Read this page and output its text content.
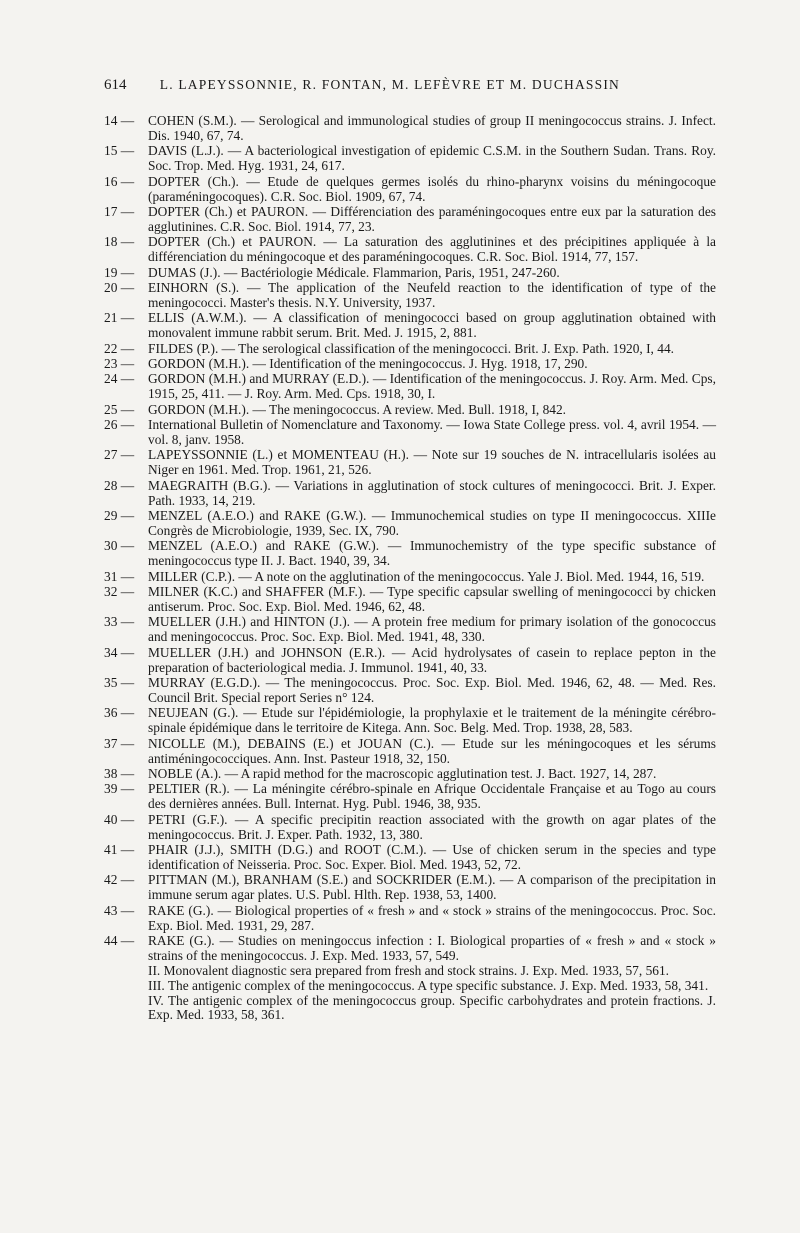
614 L. LAPEYSSONNIE, R. FONTAN, M. LEFÈVRE ET M. DUCHASSIN
14 —	COHEN (S.M.). — Serological and immunological studies of group II meningococcus strains. J. Infect. Dis. 1940, 67, 74.
15 —	DAVIS (L.J.). — A bacteriological investigation of epidemic C.S.M. in the Southern Sudan. Trans. Roy. Soc. Trop. Med. Hyg. 1931, 24, 617.
16 —	DOPTER (Ch.). — Etude de quelques germes isolés du rhino-pharynx voisins du méningocoque (paraméningocoques). C.R. Soc. Biol. 1909, 67, 74.
17 —	DOPTER (Ch.) et PAURON. — Différenciation des paraméningocoques entre eux par la saturation des agglutinines. C.R. Soc. Biol. 1914, 77, 23.
18 —	DOPTER (Ch.) et PAURON. — La saturation des agglutinines et des précipitines appliquée à la différenciation du méningocoque et des paraméningocoques. C.R. Soc. Biol. 1914, 77, 157.
19 —	DUMAS (J.). — Bactériologie Médicale. Flammarion, Paris, 1951, 247-260.
20 —	EINHORN (S.). — The application of the Neufeld reaction to the identification of type of the meningococci. Master's thesis. N.Y. University, 1937.
21 —	ELLIS (A.W.M.). — A classification of meningococci based on group agglutination obtained with monovalent immune rabbit serum. Brit. Med. J. 1915, 2, 881.
22 —	FILDES (P.). — The serological classification of the meningococci. Brit. J. Exp. Path. 1920, I, 44.
23 —	GORDON (M.H.). — Identification of the meningococcus. J. Hyg. 1918, 17, 290.
24 —	GORDON (M.H.) and MURRAY (E.D.). — Identification of the meningococcus. J. Roy. Arm. Med. Cps, 1915, 25, 411. — J. Roy. Arm. Med. Cps. 1918, 30, I.
25 —	GORDON (M.H.). — The meningococcus. A review. Med. Bull. 1918, I, 842.
26 —	International Bulletin of Nomenclature and Taxonomy. — Iowa State College press. vol. 4, avril 1954. — vol. 8, janv. 1958.
27 —	LAPEYSSONNIE (L.) et MOMENTEAU (H.). — Note sur 19 souches de N. intracellularis isolées au Niger en 1961. Med. Trop. 1961, 21, 526.
28 —	MAEGRAITH (B.G.). — Variations in agglutination of stock cultures of meningococci. Brit. J. Exper. Path. 1933, 14, 219.
29 —	MENZEL (A.E.O.) and RAKE (G.W.). — Immunochemical studies on type II meningococcus. XIIIe Congrès de Microbiologie, 1939, Sec. IX, 790.
30 —	MENZEL (A.E.O.) and RAKE (G.W.). — Immunochemistry of the type specific substance of meningococcus type II. J. Bact. 1940, 39, 34.
31 —	MILLER (C.P.). — A note on the agglutination of the meningococcus. Yale J. Biol. Med. 1944, 16, 519.
32 —	MILNER (K.C.) and SHAFFER (M.F.). — Type specific capsular swelling of meningococci by chicken antiserum. Proc. Soc. Exp. Biol. Med. 1946, 62, 48.
33 —	MUELLER (J.H.) and HINTON (J.). — A protein free medium for primary isolation of the gonococcus and meningococcus. Proc. Soc. Exp. Biol. Med. 1941, 48, 330.
34 —	MUELLER (J.H.) and JOHNSON (E.R.). — Acid hydrolysates of casein to replace pepton in the preparation of bacteriological media. J. Immunol. 1941, 40, 33.
35 —	MURRAY (E.G.D.). — The meningococcus. Proc. Soc. Exp. Biol. Med. 1946, 62, 48. — Med. Res. Council Brit. Special report Series n° 124.
36 —	NEUJEAN (G.). — Etude sur l'épidémiologie, la prophylaxie et le traitement de la méningite cérébro-spinale épidémique dans le territoire de Kitega. Ann. Soc. Belg. Med. Trop. 1938, 28, 583.
37 —	NICOLLE (M.), DEBAINS (E.) et JOUAN (C.). — Etude sur les méningocoques et les sérums antiméningococciques. Ann. Inst. Pasteur 1918, 32, 150.
38 —	NOBLE (A.). — A rapid method for the macroscopic agglutination test. J. Bact. 1927, 14, 287.
39 —	PELTIER (R.). — La méningite cérébro-spinale en Afrique Occidentale Française et au Togo au cours des dernières années. Bull. Internat. Hyg. Publ. 1946, 38, 935.
40 —	PETRI (G.F.). — A specific precipitin reaction associated with the growth on agar plates of the meningococcus. Brit. J. Exper. Path. 1932, 13, 380.
41 —	PHAIR (J.J.), SMITH (D.G.) and ROOT (C.M.). — Use of chicken serum in the species and type identification of Neisseria. Proc. Soc. Exper. Biol. Med. 1943, 52, 72.
42 —	PITTMAN (M.), BRANHAM (S.E.) and SOCKRIDER (E.M.). — A comparison of the precipitation in immune serum agar plates. U.S. Publ. Hlth. Rep. 1938, 53, 1400.
43 —	RAKE (G.). — Biological properties of « fresh » and « stock » strains of the meningococcus. Proc. Soc. Exp. Biol. Med. 1931, 29, 287.
44 —	RAKE (G.). — Studies on meningoccus infection : I. Biological proparties of « fresh » and « stock » strains of the meningococcus. J. Exp. Med. 1933, 57, 549.
II. Monovalent diagnostic sera prepared from fresh and stock strains. J. Exp. Med. 1933, 57, 561.
III. The antigenic complex of the meningococcus. A type specific substance. J. Exp. Med. 1933, 58, 341.
IV. The antigenic complex of the meningococcus group. Specific carbohydrates and protein fractions. J. Exp. Med. 1933, 58, 361.
